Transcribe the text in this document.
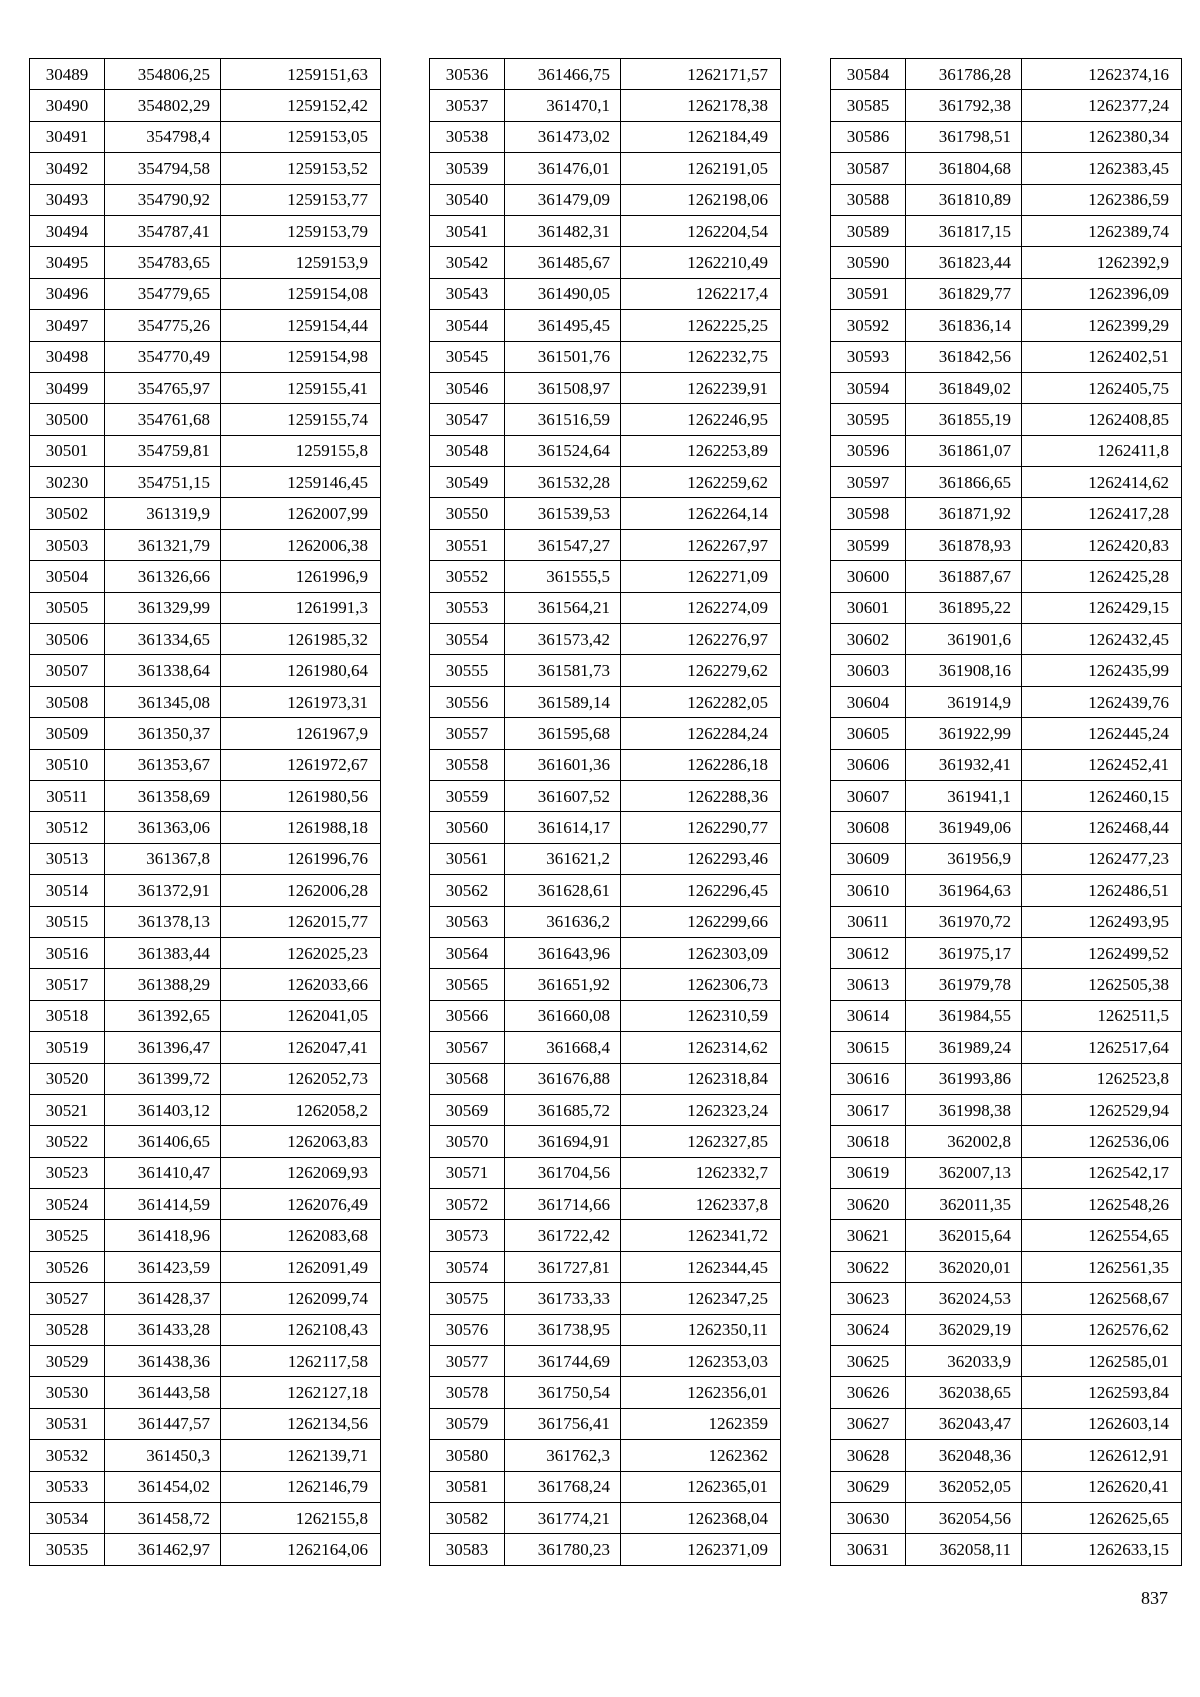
30489	354806,25	1259151,63
30490	354802,29	1259152,42
30491	354798,4	1259153,05
30492	354794,58	1259153,52
30493	354790,92	1259153,77
30494	354787,41	1259153,79
30495	354783,65	1259153,9
30496	354779,65	1259154,08
30497	354775,26	1259154,44
30498	354770,49	1259154,98
30499	354765,97	1259155,41
30500	354761,68	1259155,74
30501	354759,81	1259155,8
30230	354751,15	1259146,45
30502	361319,9	1262007,99
30503	361321,79	1262006,38
30504	361326,66	1261996,9
30505	361329,99	1261991,3
30506	361334,65	1261985,32
30507	361338,64	1261980,64
30508	361345,08	1261973,31
30509	361350,37	1261967,9
30510	361353,67	1261972,67
30511	361358,69	1261980,56
30512	361363,06	1261988,18
30513	361367,8	1261996,76
30514	361372,91	1262006,28
30515	361378,13	1262015,77
30516	361383,44	1262025,23
30517	361388,29	1262033,66
30518	361392,65	1262041,05
30519	361396,47	1262047,41
30520	361399,72	1262052,73
30521	361403,12	1262058,2
30522	361406,65	1262063,83
30523	361410,47	1262069,93
30524	361414,59	1262076,49
30525	361418,96	1262083,68
30526	361423,59	1262091,49
30527	361428,37	1262099,74
30528	361433,28	1262108,43
30529	361438,36	1262117,58
30530	361443,58	1262127,18
30531	361447,57	1262134,56
30532	361450,3	1262139,71
30533	361454,02	1262146,79
30534	361458,72	1262155,8
30535	361462,97	1262164,06
30536	361466,75	1262171,57
30537	361470,1	1262178,38
30538	361473,02	1262184,49
30539	361476,01	1262191,05
30540	361479,09	1262198,06
30541	361482,31	1262204,54
30542	361485,67	1262210,49
30543	361490,05	1262217,4
30544	361495,45	1262225,25
30545	361501,76	1262232,75
30546	361508,97	1262239,91
30547	361516,59	1262246,95
30548	361524,64	1262253,89
30549	361532,28	1262259,62
30550	361539,53	1262264,14
30551	361547,27	1262267,97
30552	361555,5	1262271,09
30553	361564,21	1262274,09
30554	361573,42	1262276,97
30555	361581,73	1262279,62
30556	361589,14	1262282,05
30557	361595,68	1262284,24
30558	361601,36	1262286,18
30559	361607,52	1262288,36
30560	361614,17	1262290,77
30561	361621,2	1262293,46
30562	361628,61	1262296,45
30563	361636,2	1262299,66
30564	361643,96	1262303,09
30565	361651,92	1262306,73
30566	361660,08	1262310,59
30567	361668,4	1262314,62
30568	361676,88	1262318,84
30569	361685,72	1262323,24
30570	361694,91	1262327,85
30571	361704,56	1262332,7
30572	361714,66	1262337,8
30573	361722,42	1262341,72
30574	361727,81	1262344,45
30575	361733,33	1262347,25
30576	361738,95	1262350,11
30577	361744,69	1262353,03
30578	361750,54	1262356,01
30579	361756,41	1262359
30580	361762,3	1262362
30581	361768,24	1262365,01
30582	361774,21	1262368,04
30583	361780,23	1262371,09
30584	361786,28	1262374,16
30585	361792,38	1262377,24
30586	361798,51	1262380,34
30587	361804,68	1262383,45
30588	361810,89	1262386,59
30589	361817,15	1262389,74
30590	361823,44	1262392,9
30591	361829,77	1262396,09
30592	361836,14	1262399,29
30593	361842,56	1262402,51
30594	361849,02	1262405,75
30595	361855,19	1262408,85
30596	361861,07	1262411,8
30597	361866,65	1262414,62
30598	361871,92	1262417,28
30599	361878,93	1262420,83
30600	361887,67	1262425,28
30601	361895,22	1262429,15
30602	361901,6	1262432,45
30603	361908,16	1262435,99
30604	361914,9	1262439,76
30605	361922,99	1262445,24
30606	361932,41	1262452,41
30607	361941,1	1262460,15
30608	361949,06	1262468,44
30609	361956,9	1262477,23
30610	361964,63	1262486,51
30611	361970,72	1262493,95
30612	361975,17	1262499,52
30613	361979,78	1262505,38
30614	361984,55	1262511,5
30615	361989,24	1262517,64
30616	361993,86	1262523,8
30617	361998,38	1262529,94
30618	362002,8	1262536,06
30619	362007,13	1262542,17
30620	362011,35	1262548,26
30621	362015,64	1262554,65
30622	362020,01	1262561,35
30623	362024,53	1262568,67
30624	362029,19	1262576,62
30625	362033,9	1262585,01
30626	362038,65	1262593,84
30627	362043,47	1262603,14
30628	362048,36	1262612,91
30629	362052,05	1262620,41
30630	362054,56	1262625,65
30631	362058,11	1262633,15
837
